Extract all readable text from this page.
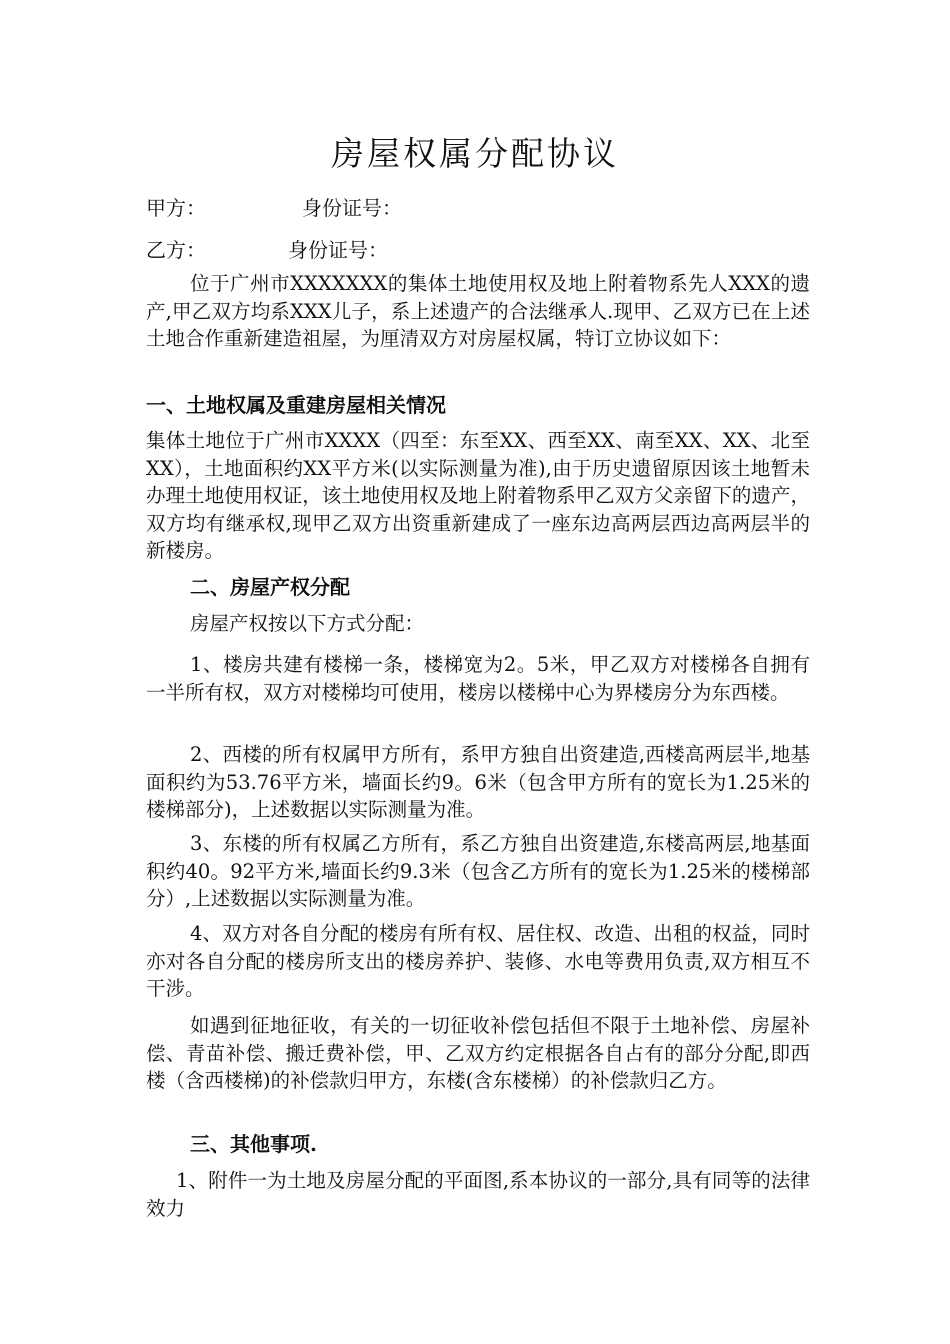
房屋权属分配协议
甲方：	身份证号：
乙方：	身份证号：

位于广州市XXXXXXX的集体土地使用权及地上附着物系先人XXX的遗产,甲乙双方均系XXX儿子，系上述遗产的合法继承人.现甲、乙双方已在上述土地合作重新建造祖屋，为厘清双方对房屋权属，特订立协议如下：

一、土地权属及重建房屋相关情况

集体土地位于广州市XXXX（四至：东至XX、西至XX、南至XX、XX、北至XX），土地面积约XX平方米(以实际测量为准),由于历史遗留原因该土地暂未办理土地使用权证，该土地使用权及地上附着物系甲乙双方父亲留下的遗产，双方均有继承权,现甲乙双方出资重新建成了一座东边高两层西边高两层半的新楼房。

二、房屋产权分配

房屋产权按以下方式分配：

1、楼房共建有楼梯一条，楼梯宽为2。5米，甲乙双方对楼梯各自拥有一半所有权，双方对楼梯均可使用，楼房以楼梯中心为界楼房分为东西楼。

2、西楼的所有权属甲方所有，系甲方独自出资建造,西楼高两层半,地基面积约为53.76平方米，墙面长约9。6米（包含甲方所有的宽长为1.25米的楼梯部分)，上述数据以实际测量为准。

3、东楼的所有权属乙方所有，系乙方独自出资建造,东楼高两层,地基面积约40。92平方米,墙面长约9.3米（包含乙方所有的宽长为1.25米的楼梯部分）,上述数据以实际测量为准。

4、双方对各自分配的楼房有所有权、居住权、改造、出租的权益，同时亦对各自分配的楼房所支出的楼房养护、装修、水电等费用负责,双方相互不干涉。

如遇到征地征收，有关的一切征收补偿包括但不限于土地补偿、房屋补偿、青苗补偿、搬迁费补偿，甲、乙双方约定根据各自占有的部分分配,即西楼（含西楼梯)的补偿款归甲方，东楼(含东楼梯）的补偿款归乙方。

三、其他事项.

1、附件一为土地及房屋分配的平面图,系本协议的一部分,具有同等的法律效力
